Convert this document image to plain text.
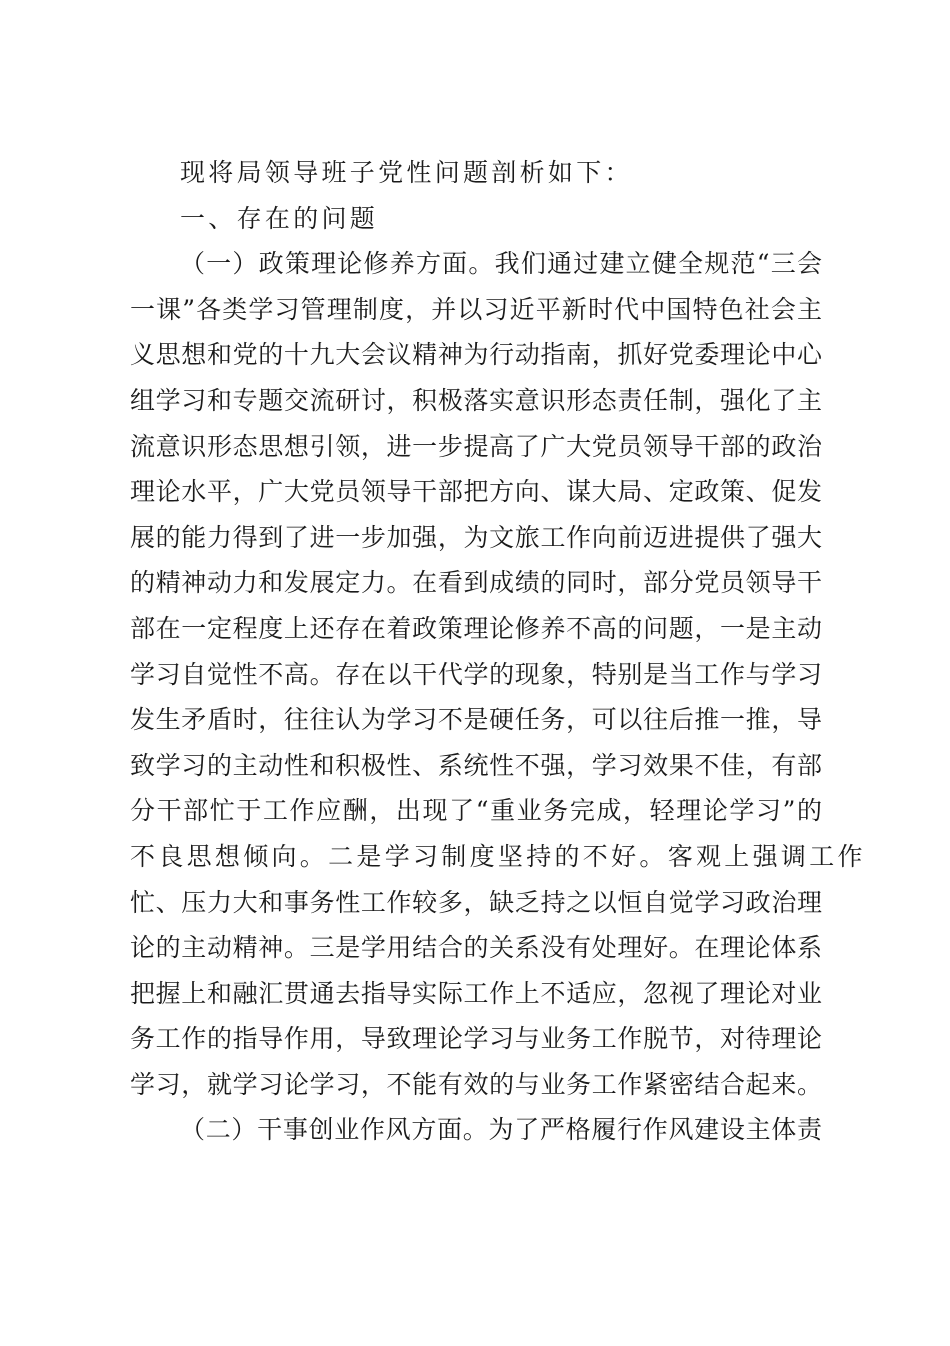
现将局领导班子党性问题剖析如下：
一、存在的问题
（一）政策理论修养方面。我们通过建立健全规范“三会
一课”各类学习管理制度，并以习近平新时代中国特色社会主
义思想和党的十九大会议精神为行动指南，抓好党委理论中心
组学习和专题交流研讨，积极落实意识形态责任制，强化了主
流意识形态思想引领，进一步提高了广大党员领导干部的政治
理论水平，广大党员领导干部把方向、谋大局、定政策、促发
展的能力得到了进一步加强，为文旅工作向前迈进提供了强大
的精神动力和发展定力。在看到成绩的同时，部分党员领导干
部在一定程度上还存在着政策理论修养不高的问题，一是主动
学习自觉性不高。存在以干代学的现象，特别是当工作与学习
发生矛盾时，往往认为学习不是硬任务，可以往后推一推，导
致学习的主动性和积极性、系统性不强，学习效果不佳，有部
分干部忙于工作应酬，出现了“重业务完成，轻理论学习”的
不良思想倾向。二是学习制度坚持的不好。客观上强调工作
忙、压力大和事务性工作较多，缺乏持之以恒自觉学习政治理
论的主动精神。三是学用结合的关系没有处理好。在理论体系
把握上和融汇贯通去指导实际工作上不适应，忽视了理论对业
务工作的指导作用，导致理论学习与业务工作脱节，对待理论
学习，就学习论学习，不能有效的与业务工作紧密结合起来。
（二）干事创业作风方面。为了严格履行作风建设主体责
